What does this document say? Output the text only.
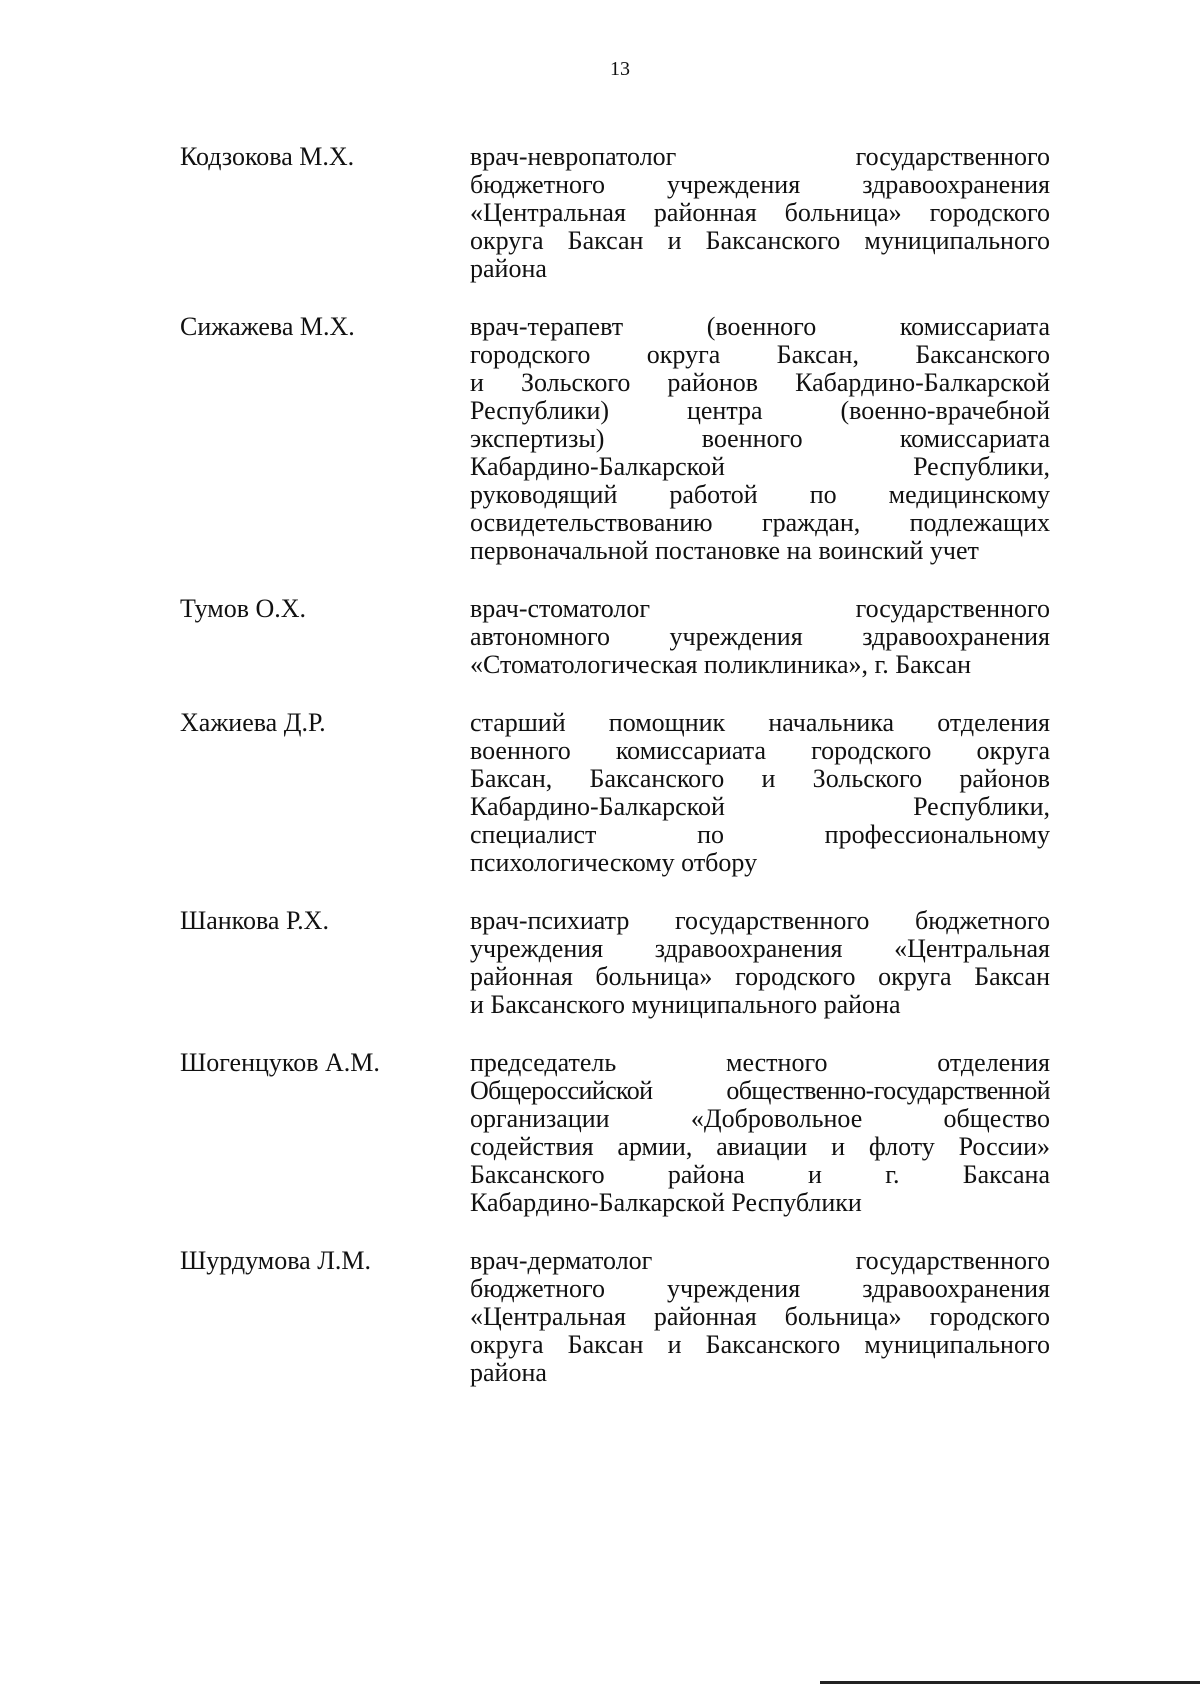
13
Кодзокова М.Х.	врач-невропатолог государственного
бюджетного учреждения здравоохранения
«Центральная районная больница» городского
округа Баксан и Баксанского муниципального
района
Сижажева М.Х.	врач-терапевт (военного комиссариата
городского округа Баксан, Баксанского
и Зольского районов Кабардино-Балкарской
Республики) центра (военно-врачебной
экспертизы) военного комиссариата
Кабардино-Балкарской Республики,
руководящий работой по медицинскому
освидетельствованию граждан, подлежащих
первоначальной постановке на воинский учет
Тумов О.Х.	врач-стоматолог государственного
автономного учреждения здравоохранения
«Стоматологическая поликлиника», г. Баксан
Хажиева Д.Р.	старший помощник начальника отделения
военного комиссариата городского округа
Баксан, Баксанского и Зольского районов
Кабардино-Балкарской Республики,
специалист по профессиональному
психологическому отбору
Шанкова Р.Х.	врач-психиатр государственного бюджетного
учреждения здравоохранения «Центральная
районная больница» городского округа Баксан
и Баксанского муниципального района
Шогенцуков А.М.	председатель местного отделения
Общероссийской общественно-государственной
организации «Добровольное общество
содействия армии, авиации и флоту России»
Баксанского района и г. Баксана
Кабардино-Балкарской Республики
Шурдумова Л.М.	врач-дерматолог государственного
бюджетного учреждения здравоохранения
«Центральная районная больница» городского
округа Баксан и Баксанского муниципального
района
